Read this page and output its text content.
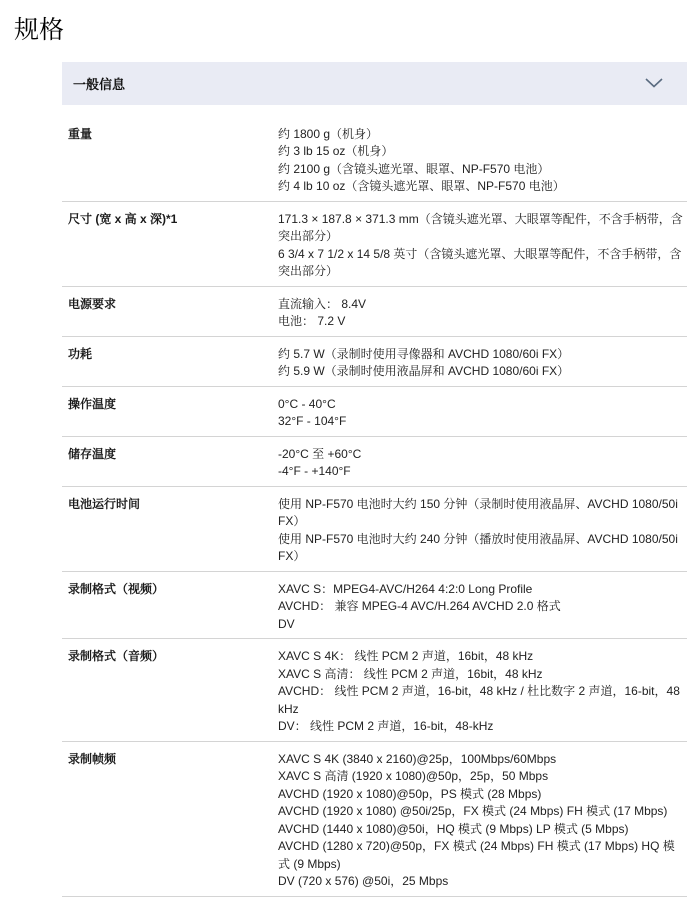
规格
一般信息
重量	约 1800 g（机身）
约 3 lb 15 oz（机身）
约 2100 g（含镜头遮光罩、眼罩、NP-F570 电池）
约 4 lb 10 oz（含镜头遮光罩、眼罩、NP-F570 电池）
尺寸 (宽 x 高 x 深)*1	171.3 × 187.8 × 371.3 mm（含镜头遮光罩、大眼罩等配件，不含手柄带，含突出部分）
6 3/4 x 7 1/2 x 14 5/8 英寸（含镜头遮光罩、大眼罩等配件，不含手柄带，含突出部分）
电源要求	直流输入： 8.4V
电池： 7.2 V
功耗	约 5.7 W（录制时使用寻像器和 AVCHD 1080/60i FX）
约 5.9 W（录制时使用液晶屏和 AVCHD 1080/60i FX）
操作温度	0°C - 40°C
32°F - 104°F
储存温度	-20°C 至 +60°C
-4°F - +140°F
电池运行时间	使用 NP-F570 电池时大约 150 分钟（录制时使用液晶屏、AVCHD 1080/50i FX）
使用 NP-F570 电池时大约 240 分钟（播放时使用液晶屏、AVCHD 1080/50i FX）
录制格式（视频）	XAVC S：MPEG4-AVC/H264 4:2:0 Long Profile
AVCHD： 兼容 MPEG-4 AVC/H.264 AVCHD 2.0 格式
DV
录制格式（音频）	XAVC S 4K： 线性 PCM 2 声道，16bit，48 kHz
XAVC S 高清： 线性 PCM 2 声道，16bit，48 kHz
AVCHD： 线性 PCM 2 声道，16-bit，48 kHz / 杜比数字 2 声道，16-bit，48 kHz
DV： 线性 PCM 2 声道，16-bit，48-kHz
录制帧频	XAVC S 4K (3840 x 2160)@25p，100Mbps/60Mbps
XAVC S 高清 (1920 x 1080)@50p，25p，50 Mbps
AVCHD (1920 x 1080)@50p，PS 模式 (28 Mbps)
AVCHD (1920 x 1080) @50i/25p，FX 模式 (24 Mbps) FH 模式 (17 Mbps)
AVCHD (1440 x 1080)@50i，HQ 模式 (9 Mbps) LP 模式 (5 Mbps)
AVCHD (1280 x 720)@50p，FX 模式 (24 Mbps) FH 模式 (17 Mbps) HQ 模式 (9 Mbps)
DV (720 x 576) @50i，25 Mbps
